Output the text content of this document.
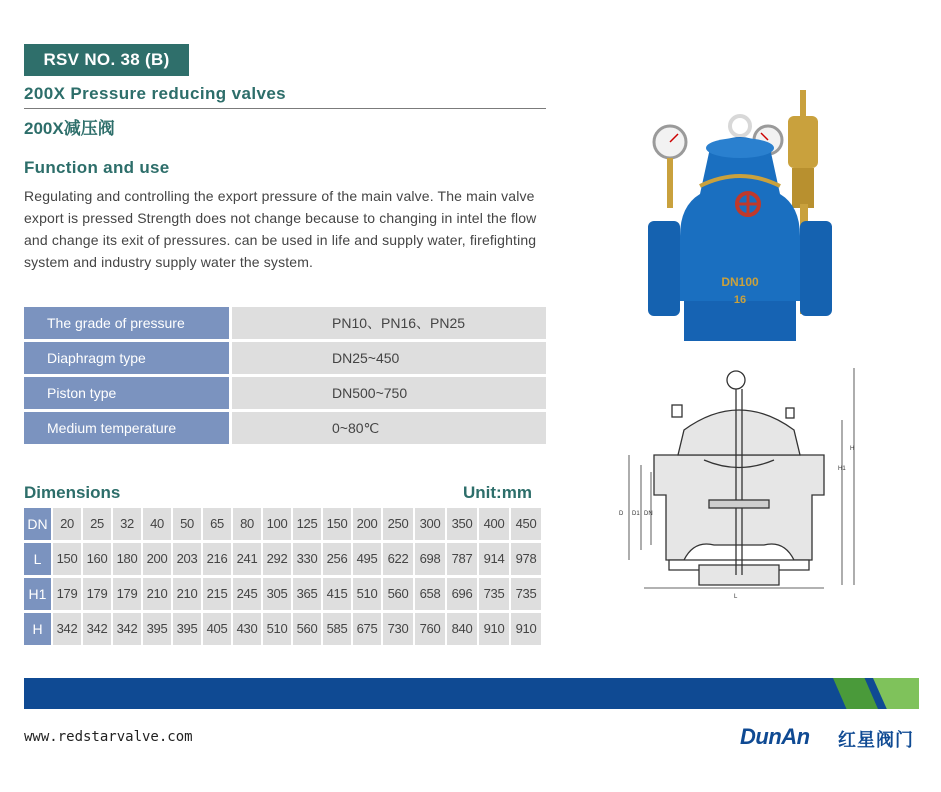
RSV NO. 38 (B)
200X Pressure reducing valves
200X减压阀
Function and use
Regulating and controlling the export pressure of the main valve. The main valve export is pressed Strength does not change because to changing in intel the flow and change its exit of pressures. can be used in life and supply water, firefighting system and industry supply water the system.
The grade of pressure	PN10、PN16、PN25
Diaphragm type	DN25~450
Piston type	DN500~750
Medium temperature	0~80℃
Dimensions	Unit:mm
DN 20	25	32	40	50	65	80 100 125 150 200 250 300 350 400 450
L	150 160 180 200 203 216 241 292 330 256 495 622 698 787 914 978
H1 179 179 179 210 210 215 245 305 365 415 510 560 658 696 735 735
H	342 342 342 395 395 405 430 510 560 585 675 730 760 840 910 910
DN100
16
H
H1
D D1 DN
L
www.redstarvalve.com	DunAn 红星阀门
